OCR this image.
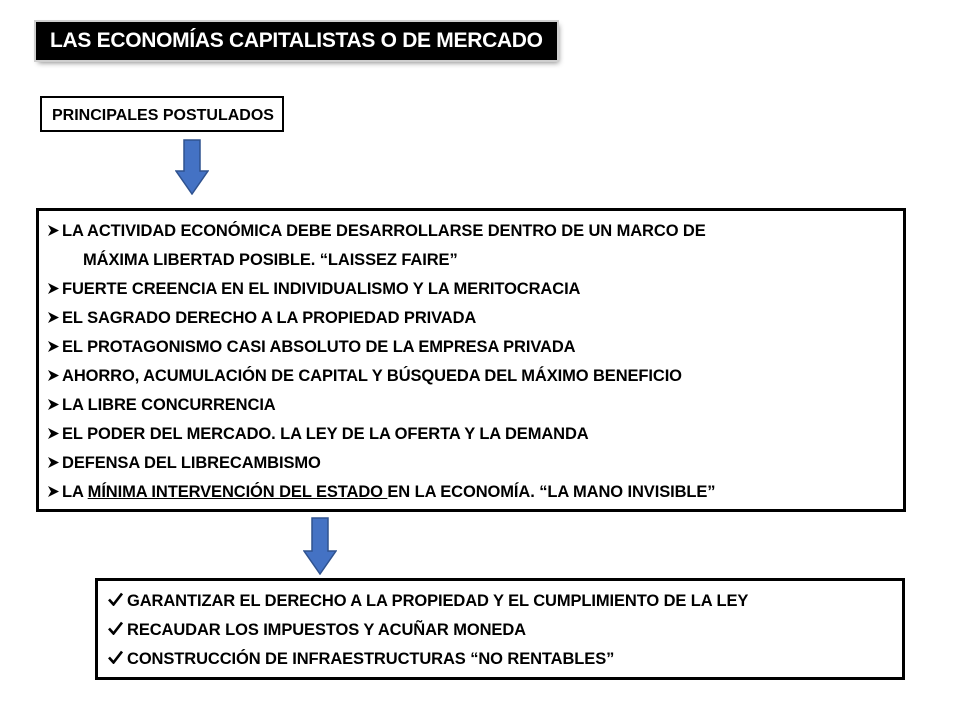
LAS ECONOMÍAS CAPITALISTAS O DE MERCADO
PRINCIPALES POSTULADOS
LA ACTIVIDAD ECONÓMICA DEBE DESARROLLARSE DENTRO DE UN MARCO DE
MÁXIMA LIBERTAD POSIBLE. “LAISSEZ FAIRE”
FUERTE CREENCIA EN EL INDIVIDUALISMO Y LA MERITOCRACIA
EL SAGRADO DERECHO A LA PROPIEDAD PRIVADA
EL PROTAGONISMO CASI ABSOLUTO DE LA EMPRESA PRIVADA
AHORRO, ACUMULACIÓN DE CAPITAL Y BÚSQUEDA DEL MÁXIMO BENEFICIO
LA LIBRE CONCURRENCIA
EL PODER DEL MERCADO. LA LEY DE LA OFERTA Y LA DEMANDA
DEFENSA DEL LIBRECAMBISMO
LA MÍNIMA INTERVENCIÓN DEL ESTADO EN LA ECONOMÍA. “LA MANO INVISIBLE”
GARANTIZAR EL DERECHO A LA PROPIEDAD Y EL CUMPLIMIENTO DE LA LEY
RECAUDAR LOS IMPUESTOS Y ACUÑAR MONEDA
CONSTRUCCIÓN DE INFRAESTRUCTURAS “NO RENTABLES”
